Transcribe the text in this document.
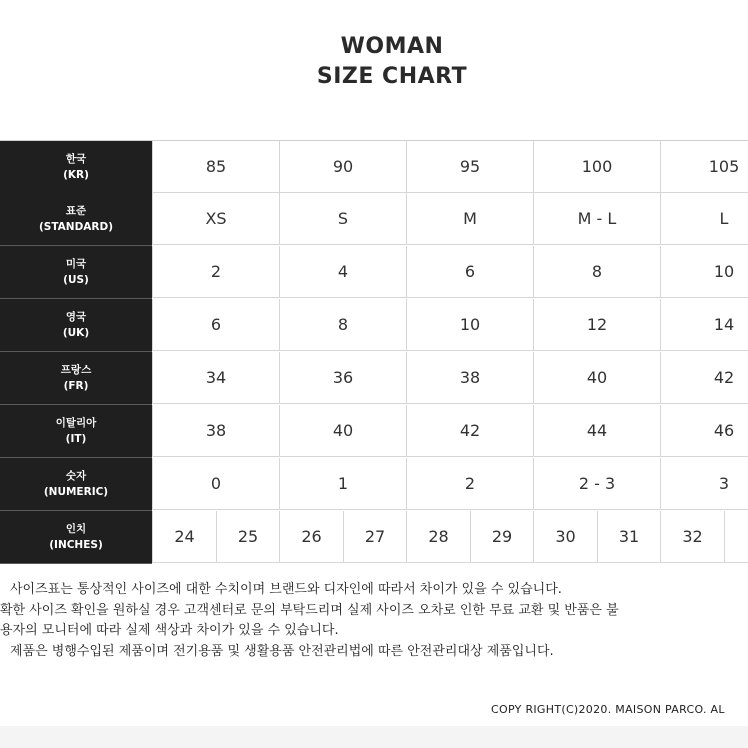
WOMAN
SIZE CHART
한국
(KR)	85	90	95	100	105
표준
(STANDARD)	XS	S	M	M - L	L
미국
(US)	2	4	6	8	10
영국
(UK)	6	8	10	12	14
프랑스
(FR)	34	36	38	40	42
이탈리아
(IT)	38	40	42	44	46
숫자
(NUMERIC)	0	1	2	2 - 3	3
인치
(INCHES)	24	25	26	27	28	29	30	31	32
사이즈표는 통상적인 사이즈에 대한 수치이며 브랜드와 디자인에 따라서 차이가 있을 수 있습니다.
확한 사이즈 확인을 원하실 경우 고객센터로 문의 부탁드리며 실제 사이즈 오차로 인한 무료 교환 및 반품은 불
용자의 모니터에 따라 실제 색상과 차이가 있을 수 있습니다.
제품은 병행수입된 제품이며 전기용품 및 생활용품 안전관리법에 따른 안전관리대상 제품입니다.
COPY RIGHT(C)2020. MAISON PARCO. AL
